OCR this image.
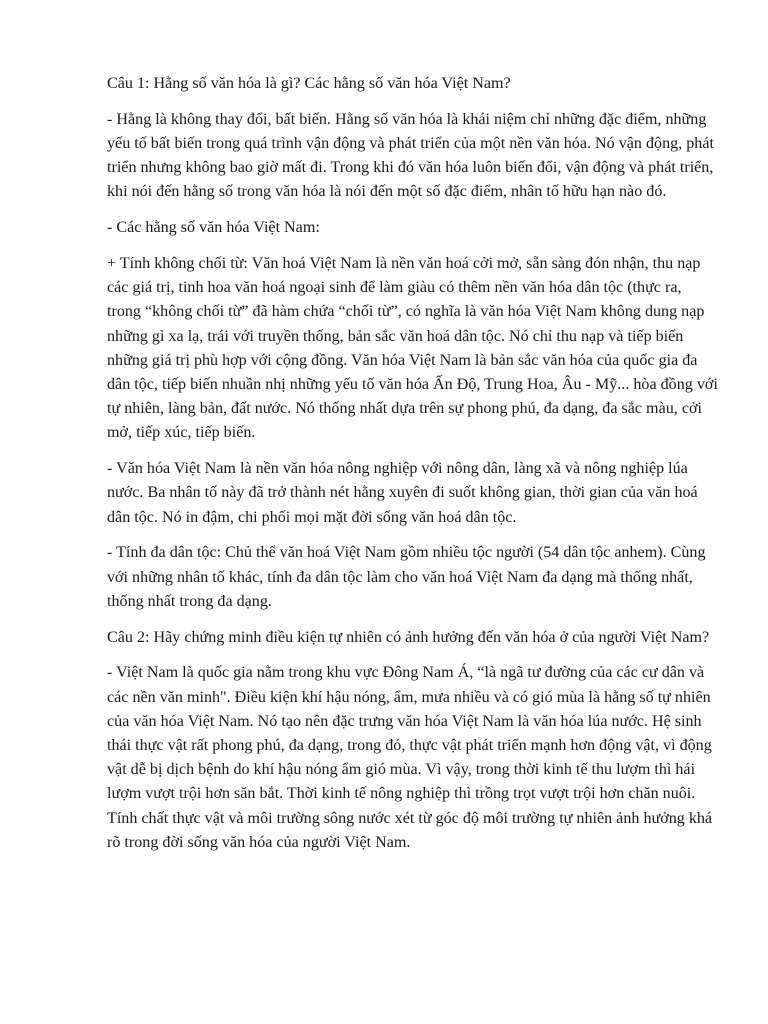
Câu 1: Hằng số văn hóa là gì? Các hằng số văn hóa Việt Nam?

- Hằng là không thay đổi, bất biến. Hằng số văn hóa là khái niệm chỉ những đặc điểm, những yếu tố bất biến trong quá trình vận động và phát triển của một nền văn hóa. Nó vận động, phát triển nhưng không bao giờ mất đi. Trong khi đó văn hóa luôn biến đổi, vận động và phát triển, khi nói đến hằng số trong văn hóa là nói đến một số đặc điểm, nhân tố hữu hạn nào đó.

- Các hằng số văn hóa Việt Nam:

+ Tính không chối từ: Văn hoá Việt Nam là nền văn hoá cởi mở, sẵn sàng đón nhận, thu nạp các giá trị, tinh hoa văn hoá ngoại sinh để làm giàu có thêm nền văn hóa dân tộc (thực ra, trong “không chối từ” đã hàm chứa “chối từ”, có nghĩa là văn hóa Việt Nam không dung nạp những gì xa lạ, trái với truyền thống, bản sắc văn hoá dân tộc. Nó chỉ thu nạp và tiếp biến những giá trị phù hợp với cộng đồng. Văn hóa Việt Nam là bản sắc văn hóa của quốc gia đa dân tộc, tiếp biến nhuần nhị những yếu tố văn hóa Ấn Độ, Trung Hoa, Âu - Mỹ... hòa đồng với tự nhiên, làng bản, đất nước. Nó thống nhất dựa trên sự phong phú, đa dạng, đa sắc màu, cởi mở, tiếp xúc, tiếp biến.

- Văn hóa Việt Nam là nền văn hóa nông nghiệp với nông dân, làng xã và nông nghiệp lúa nước. Ba nhân tố này đã trở thành nét hằng xuyên đi suốt không gian, thời gian của văn hoá dân tộc. Nó in đậm, chi phối mọi mặt đời sống văn hoá dân tộc.

- Tính đa dân tộc: Chủ thể văn hoá Việt Nam gồm nhiều tộc người (54 dân tộc anhem). Cùng với những nhân tố khác, tính đa dân tộc làm cho văn hoá Việt Nam đa dạng mà thống nhất, thống nhất trong đa dạng.

Câu 2: Hãy chứng minh điều kiện tự nhiên có ảnh hưởng đến văn hóa ở của người Việt Nam?

- Việt Nam là quốc gia nằm trong khu vực Đông Nam Á, “là ngã tư đường của các cư dân và các nền văn minh". Điều kiện khí hậu nóng, ẩm, mưa nhiều và có gió mùa là hằng số tự nhiên của văn hóa Việt Nam. Nó tạo nên đặc trưng văn hóa Việt Nam là văn hóa lúa nước. Hệ sinh thái thực vật rất phong phú, đa dạng, trong đó, thực vật phát triển mạnh hơn động vật, vì động vật dễ bị dịch bệnh do khí hậu nóng ẩm gió mùa. Vì vậy, trong thời kinh tế thu lượm thì hái lượm vượt trội hơn săn bắt. Thời kinh tế nông nghiệp thì trồng trọt vượt trội hơn chăn nuôi. Tính chất thực vật và môi trường sông nước xét từ góc độ môi trường tự nhiên ảnh hưởng khá rõ trong đời sống văn hóa của người Việt Nam.
